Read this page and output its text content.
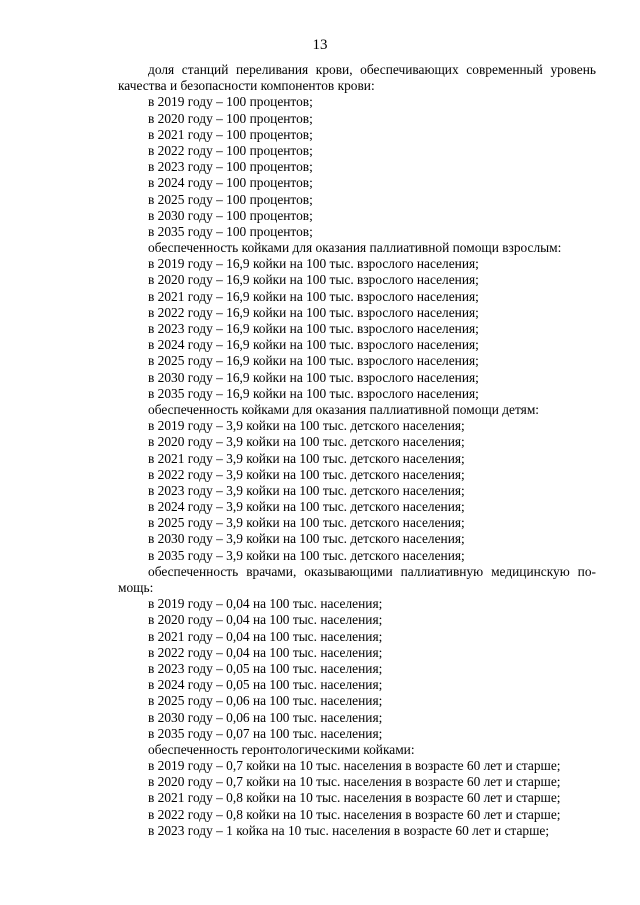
13
доля станций переливания крови, обеспечивающих современный уровень
качества и безопасности компонентов крови:
в 2019 году – 100 процентов;
в 2020 году – 100 процентов;
в 2021 году – 100 процентов;
в 2022 году – 100 процентов;
в 2023 году – 100 процентов;
в 2024 году – 100 процентов;
в 2025 году – 100 процентов;
в 2030 году – 100 процентов;
в 2035 году – 100 процентов;
обеспеченность койками для оказания паллиативной помощи взрослым:
в 2019 году – 16,9 койки на 100 тыс. взрослого населения;
в 2020 году – 16,9 койки на 100 тыс. взрослого населения;
в 2021 году – 16,9 койки на 100 тыс. взрослого населения;
в 2022 году – 16,9 койки на 100 тыс. взрослого населения;
в 2023 году – 16,9 койки на 100 тыс. взрослого населения;
в 2024 году – 16,9 койки на 100 тыс. взрослого населения;
в 2025 году – 16,9 койки на 100 тыс. взрослого населения;
в 2030 году – 16,9 койки на 100 тыс. взрослого населения;
в 2035 году – 16,9 койки на 100 тыс. взрослого населения;
обеспеченность койками для оказания паллиативной помощи детям:
в 2019 году – 3,9 койки на 100 тыс. детского населения;
в 2020 году – 3,9 койки на 100 тыс. детского населения;
в 2021 году – 3,9 койки на 100 тыс. детского населения;
в 2022 году – 3,9 койки на 100 тыс. детского населения;
в 2023 году – 3,9 койки на 100 тыс. детского населения;
в 2024 году – 3,9 койки на 100 тыс. детского населения;
в 2025 году – 3,9 койки на 100 тыс. детского населения;
в 2030 году – 3,9 койки на 100 тыс. детского населения;
в 2035 году – 3,9 койки на 100 тыс. детского населения;
обеспеченность врачами, оказывающими паллиативную медицинскую по-
мощь:
в 2019 году – 0,04 на 100 тыс. населения;
в 2020 году – 0,04 на 100 тыс. населения;
в 2021 году – 0,04 на 100 тыс. населения;
в 2022 году – 0,04 на 100 тыс. населения;
в 2023 году – 0,05 на 100 тыс. населения;
в 2024 году – 0,05 на 100 тыс. населения;
в 2025 году – 0,06 на 100 тыс. населения;
в 2030 году – 0,06 на 100 тыс. населения;
в 2035 году – 0,07 на 100 тыс. населения;
обеспеченность геронтологическими койками:
в 2019 году – 0,7 койки на 10 тыс. населения в возрасте 60 лет и старше;
в 2020 году – 0,7 койки на 10 тыс. населения в возрасте 60 лет и старше;
в 2021 году – 0,8 койки на 10 тыс. населения в возрасте 60 лет и старше;
в 2022 году – 0,8 койки на 10 тыс. населения в возрасте 60 лет и старше;
в 2023 году – 1 койка на 10 тыс. населения в возрасте 60 лет и старше;
